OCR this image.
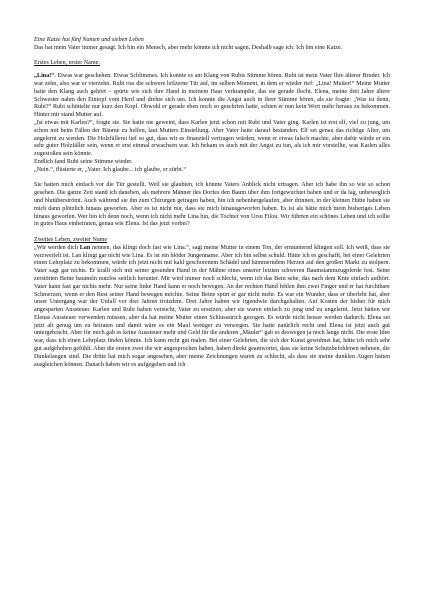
Eine Katze hat fünf Namen und sieben Leben

Das hat mein Vater immer gesagt. Ich bin ein Mensch, aber mehr könnte ich nicht sagen. Deshalb sage ich: Ich bin eine Katze.

Erstes Leben, erster Name:

„Lina!“. Etwas war geschehen. Etwas Schlimmes. Ich konnte es am Klang von Rubis Stimme hören. Rubi ist mein Vater Ihre älterer Bruder. Ich war zehn, also war er vierzehn. Rubi riss die schwere hölzerne Tür auf, im selben Moment, in dem er wieder rief: „Lina! Mutter!“ Meine Mutter hatte den Klang auch gehört – spürte wie sich ihre Hand in meinem Haar verkrampfte, das sie gerade flocht. Elena, meine drei Jahre ältere Schwester nahm den Eintopf vom Herd und drehte sich um. Ich konnte die Angst auch in ihrer Stimme hören, als sie fragte: „Was ist denn, Rubi?“ Rubi schüttelte nur kurz den Kopf. Obwohl er gerade eben noch so geschrien hatte, schien er nun kein Wort mehr heraus zu bekommen. Hinter mir stand Mutter auf.

„Ist etwas mit Karlen?“, fragte sie. Sie hatte nie geweint, dass Karlen jetzt schon mit Rubi und Vater ging. Karlen ist erst elf, viel zu jung, um schon mit beim Fällen der Bäume zu helfen, laut Mutters Einstellung. Aber Vater hatte darauf bestanden. Elf sei genau das richtige Alter, um angelernt zu werden. Die Holzfällerei lief so gut, dass wir es finanziell vertragen würden, wenn er etwas falsch machte, aber dafür würde er ein sehr guter Holzfäller sein, wenn er erst einmal erwachsen war. Ich bekam es auch mit der Angst zu tun, als ich mir vorstellte, was Karlen alles zugestoßen sein könnte.

Endlich fand Rubi seine Stimme wieder.

„Nein.“, flüsterte er, „Vater. Ich glaube... ich glaube, er stirbt.“

Sie hatten mich einfach vor die Tür gestellt. Weil sie glaubten, ich könnte Vaters Anblick nicht ertragen. Aber ich habe ihn so wie so schon gesehen. Die ganze Zeit stand ich daneben, als mehrere Männer des Dorfes den Baum über ihm fortgewuchtet haben und er da lag, unbeweglich und blutüberströmt. Auch während sie ihn zum Chirurgen getragen haben, bin ich nebenhergelaufen, aber drinnen, in der kleinen Hütte haben sie mich dann plötzlich hinaus geworfen. Aber es ist nicht nur, dass sie mich hinausgeworfen haben. Es ist als hätte mich mein bisheriges Leben hinaus geworfen. Wer bin ich denn noch, wenn ich nicht mehr Lina bin, die Tochter von Ursu Filou. Wir führten ein schönes Leben und ich sollte in gutes Haus einheiraten, genau wie Elena. Ist das jetzt vorbei?

Zweites Leben, zweiter Name

„Wir werden dich Lan nennen, das klingt doch fast wie Lina.“, sagt meine Mutter in einem Ton, der ermunternd klingen soll. Ich weiß, dass sie verzweifelt ist. Lan klingt gar nicht wie Lina. Es ist ein blöder Jungenname. Aber ich bin selbst schuld. Hätte ich es geschafft, bei einer Gelehrten einen Lehrplatz zu bekommen, würde ich jetzt nicht mit kahl geschorenem Schädel und hämmerndem Herzen auf den großen Markt zu stolpern. Vater sagt gar nichts. Er krallt sich mit seiner gesunden Hand in der Mähne eines unserer letzten schweren Baumstammzugpferde fest. Seine zerstörten Beine baumeln nutzlos seitlich herunter. Mir wird immer noch schlecht, wenn ich das Bein sehe, das nach dem Knie einfach aufhört. Vater kann fast gar nichts mehr. Nur seine linke Hand kann er noch bewegen. An der rechten Hand fehlen ihm zwei Finger und er hat furchtbare Schmerzen, wenn er den Rest seiner Hand bewegen möchte. Seine Beine spürt er gar nicht mehr. Es war ein Wunder, dass er überlebt hat, aber unser Untergang war der Unfall vor drei Jahren trotzdem. Drei Jahre haben wir irgendwie durchgehalten. Auf Kosten der bisher für mich angesparten Aussteuer. Karlen und Rubi haben versucht, Vater zu ersetzen, aber sie waren einfach zu jung und zu ungelernt. Jetzt hätten wir Elenas Aussteuer verwenden müssen, aber da hat meine Mutter einen Schlussstrich gezogen. Es würde nicht besser werden dadurch. Elena sei jetzt alt genug um zu heiraten und damit wäre es ein Maul weniger zu versorgen. Sie hatte natürlich recht und Elena ist jetzt auch gut untergebracht. Aber für mich gab es keine Aussteuer mehr und Geld für die anderen „Mäuler“ gab es deswegen ja noch lange nicht. Die erste Idee war, dass ich einen Lehrplatz finden könnte. Ich kann recht gut malen. Bei einer Gelehrten, die sich der Kunst gewidmet hat, hätte ich mich sehr gut aufgehoben gefühlt. Aber die ersten zwei die wir angesprochen haben, haben direkt geantwortet, dass sie keine Schutzbefohlenen nehmen, die Dunkelaugen sind. Die dritte hat mich sogar angesehen, aber meine Zeichnungen waren zu schlecht, als dass sie meine dunklen Augen hätten ausgleichen können. Danach haben wir es aufgegeben und ich
